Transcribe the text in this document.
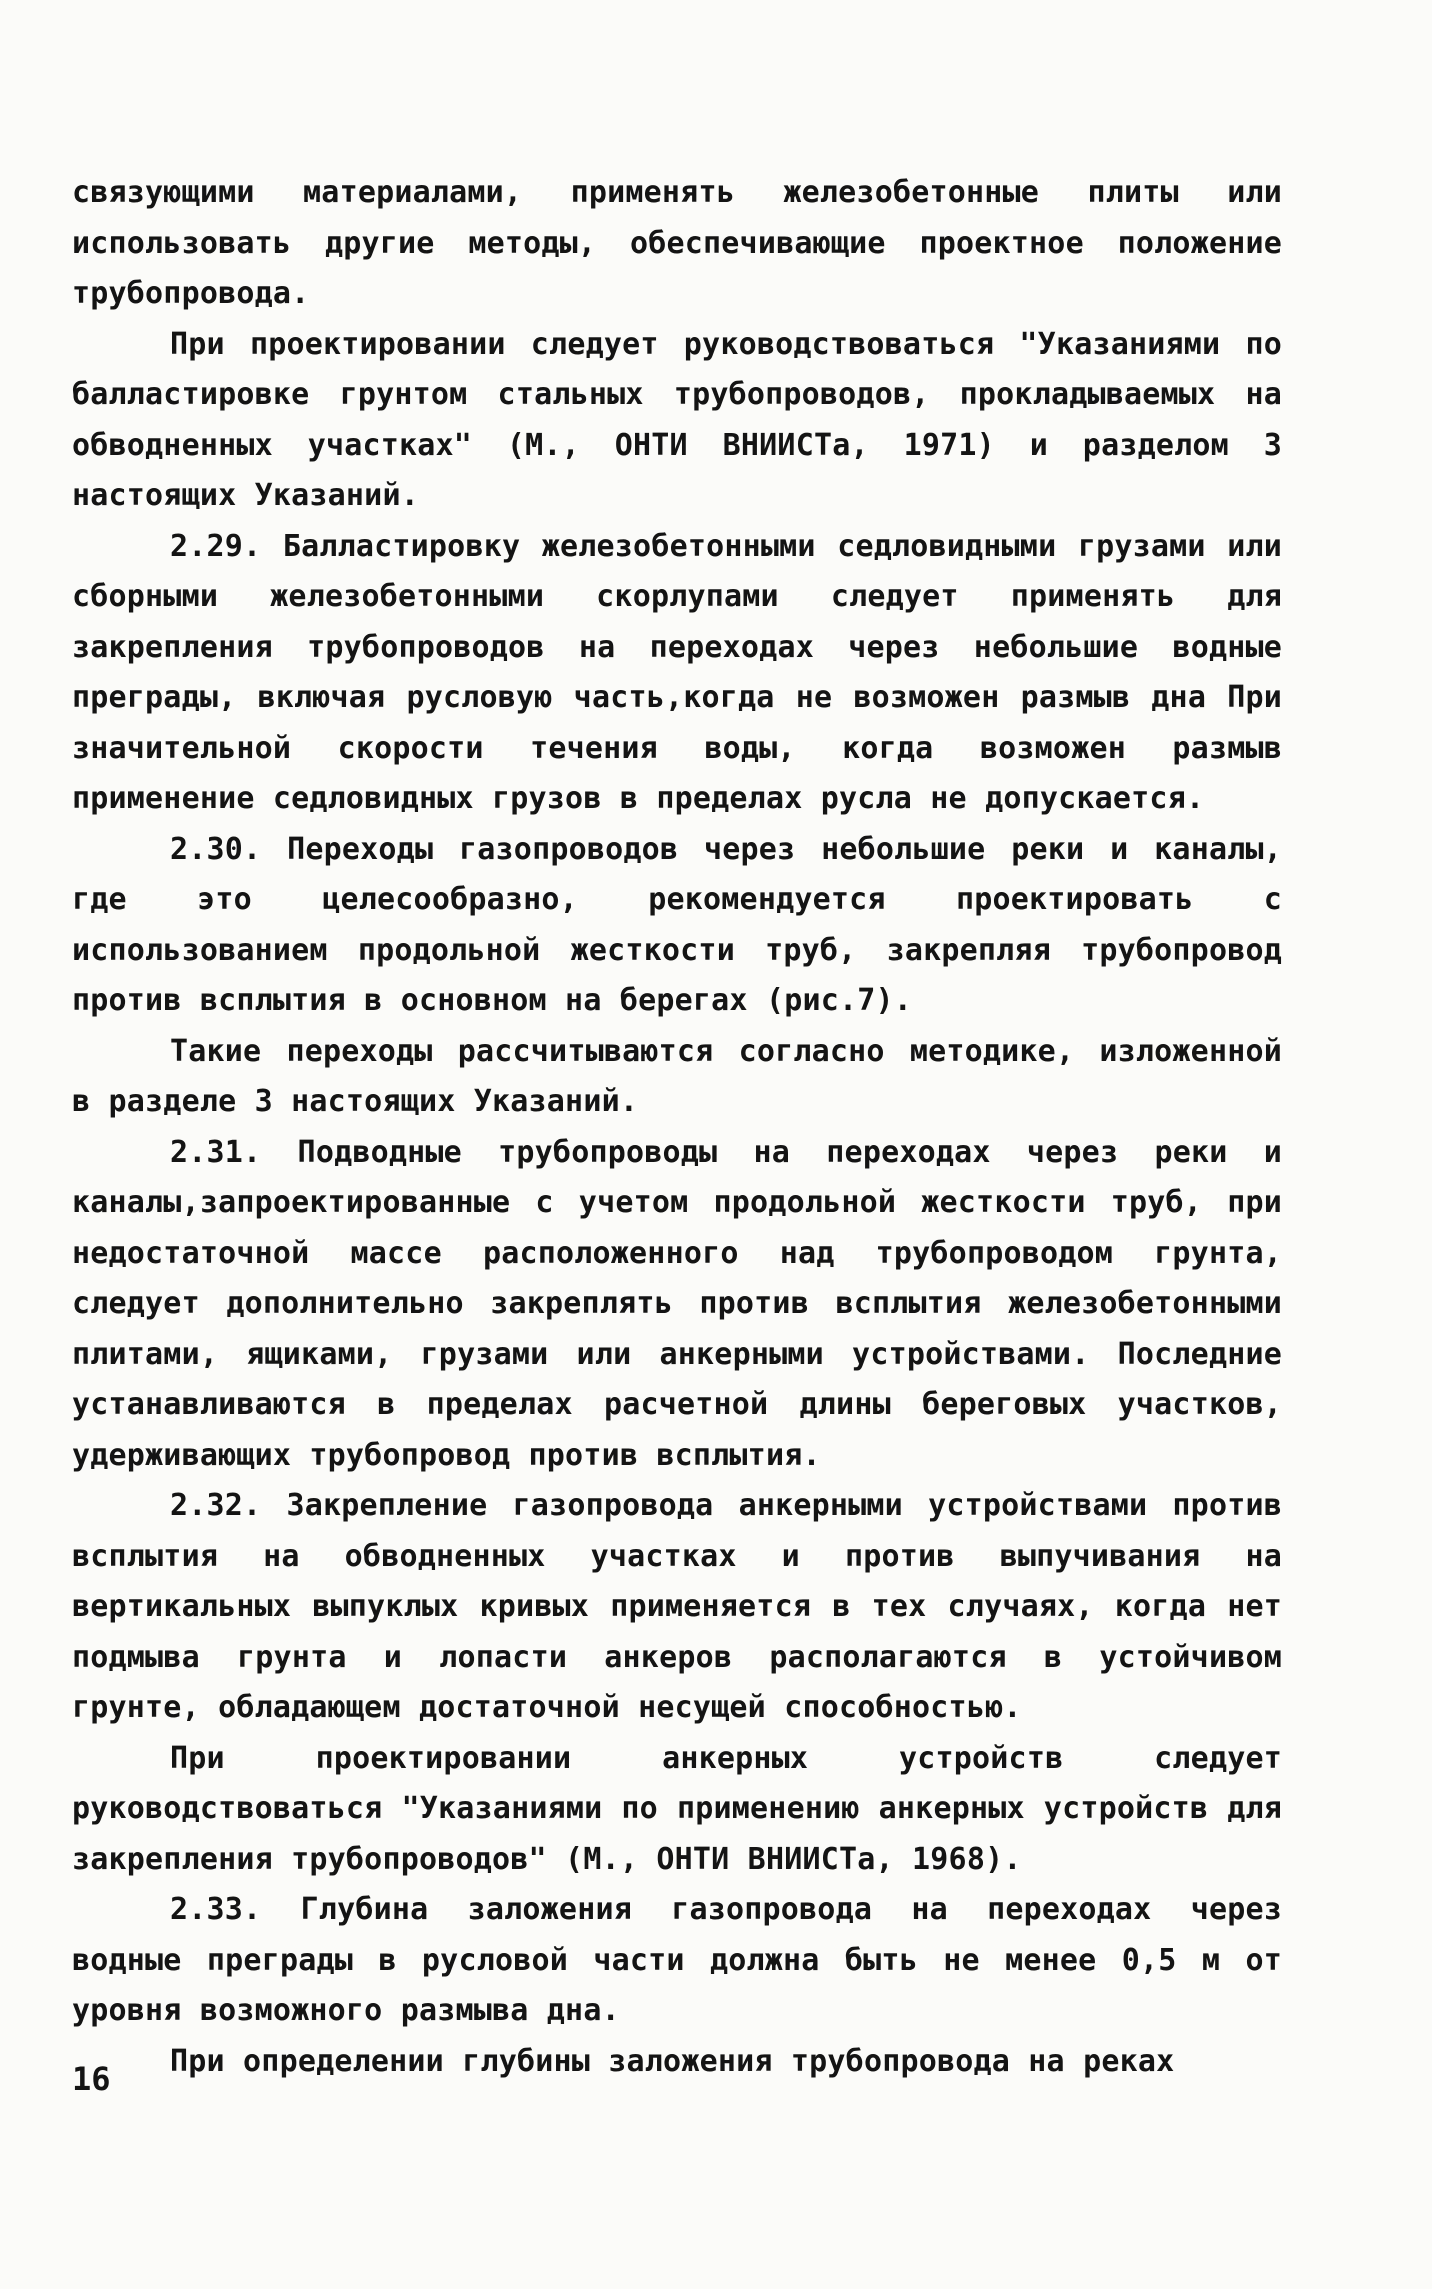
связующими материалами, применять железобетонные плиты или использовать другие методы, обеспечивающие проектное положение трубопровода.

При проектировании следует руководствоваться "Указаниями по балластировке грунтом стальных трубопроводов, прокладываемых на обводненных участках" (М., ОНТИ ВНИИСТа, 1971) и разделом 3 настоящих Указаний.

2.29. Балластировку железобетонными седловидными грузами или сборными железобетонными скорлупами следует применять для закрепления трубопроводов на переходах через небольшие водные преграды, включая русловую часть,когда не возможен размыв дна При значительной скорости течения воды, когда возможен размыв применение седловидных грузов в пределах русла не допускается.

2.30. Переходы газопроводов через небольшие реки и каналы, где это целесообразно, рекомендуется проектировать с использованием продольной жесткости труб, закрепляя трубопровод против всплытия в основном на берегах (рис.7).

Такие переходы рассчитываются согласно методике, изложенной в разделе 3 настоящих Указаний.

2.31. Подводные трубопроводы на переходах через реки и каналы,запроектированные с учетом продольной жесткости труб, при недостаточной массе расположенного над трубопроводом грунта, следует дополнительно закреплять против всплытия железобетонными плитами, ящиками, грузами или анкерными устройствами. Последние устанавливаются в пределах расчетной длины береговых участков, удерживающих трубопровод против всплытия.

2.32. Закрепление газопровода анкерными устройствами против всплытия на обводненных участках и против выпучивания на вертикальных выпуклых кривых применяется в тех случаях, когда нет подмыва грунта и лопасти анкеров располагаются в устойчивом грунте, обладающем достаточной несущей способностью.

При проектировании анкерных устройств следует руководствоваться "Указаниями по применению анкерных устройств для закрепления трубопроводов" (М., ОНТИ ВНИИСТа, 1968).

2.33. Глубина заложения газопровода на переходах через водные преграды в русловой части должна быть не менее 0,5 м от уровня возможного размыва дна.

При определении глубины заложения трубопровода на реках

16
